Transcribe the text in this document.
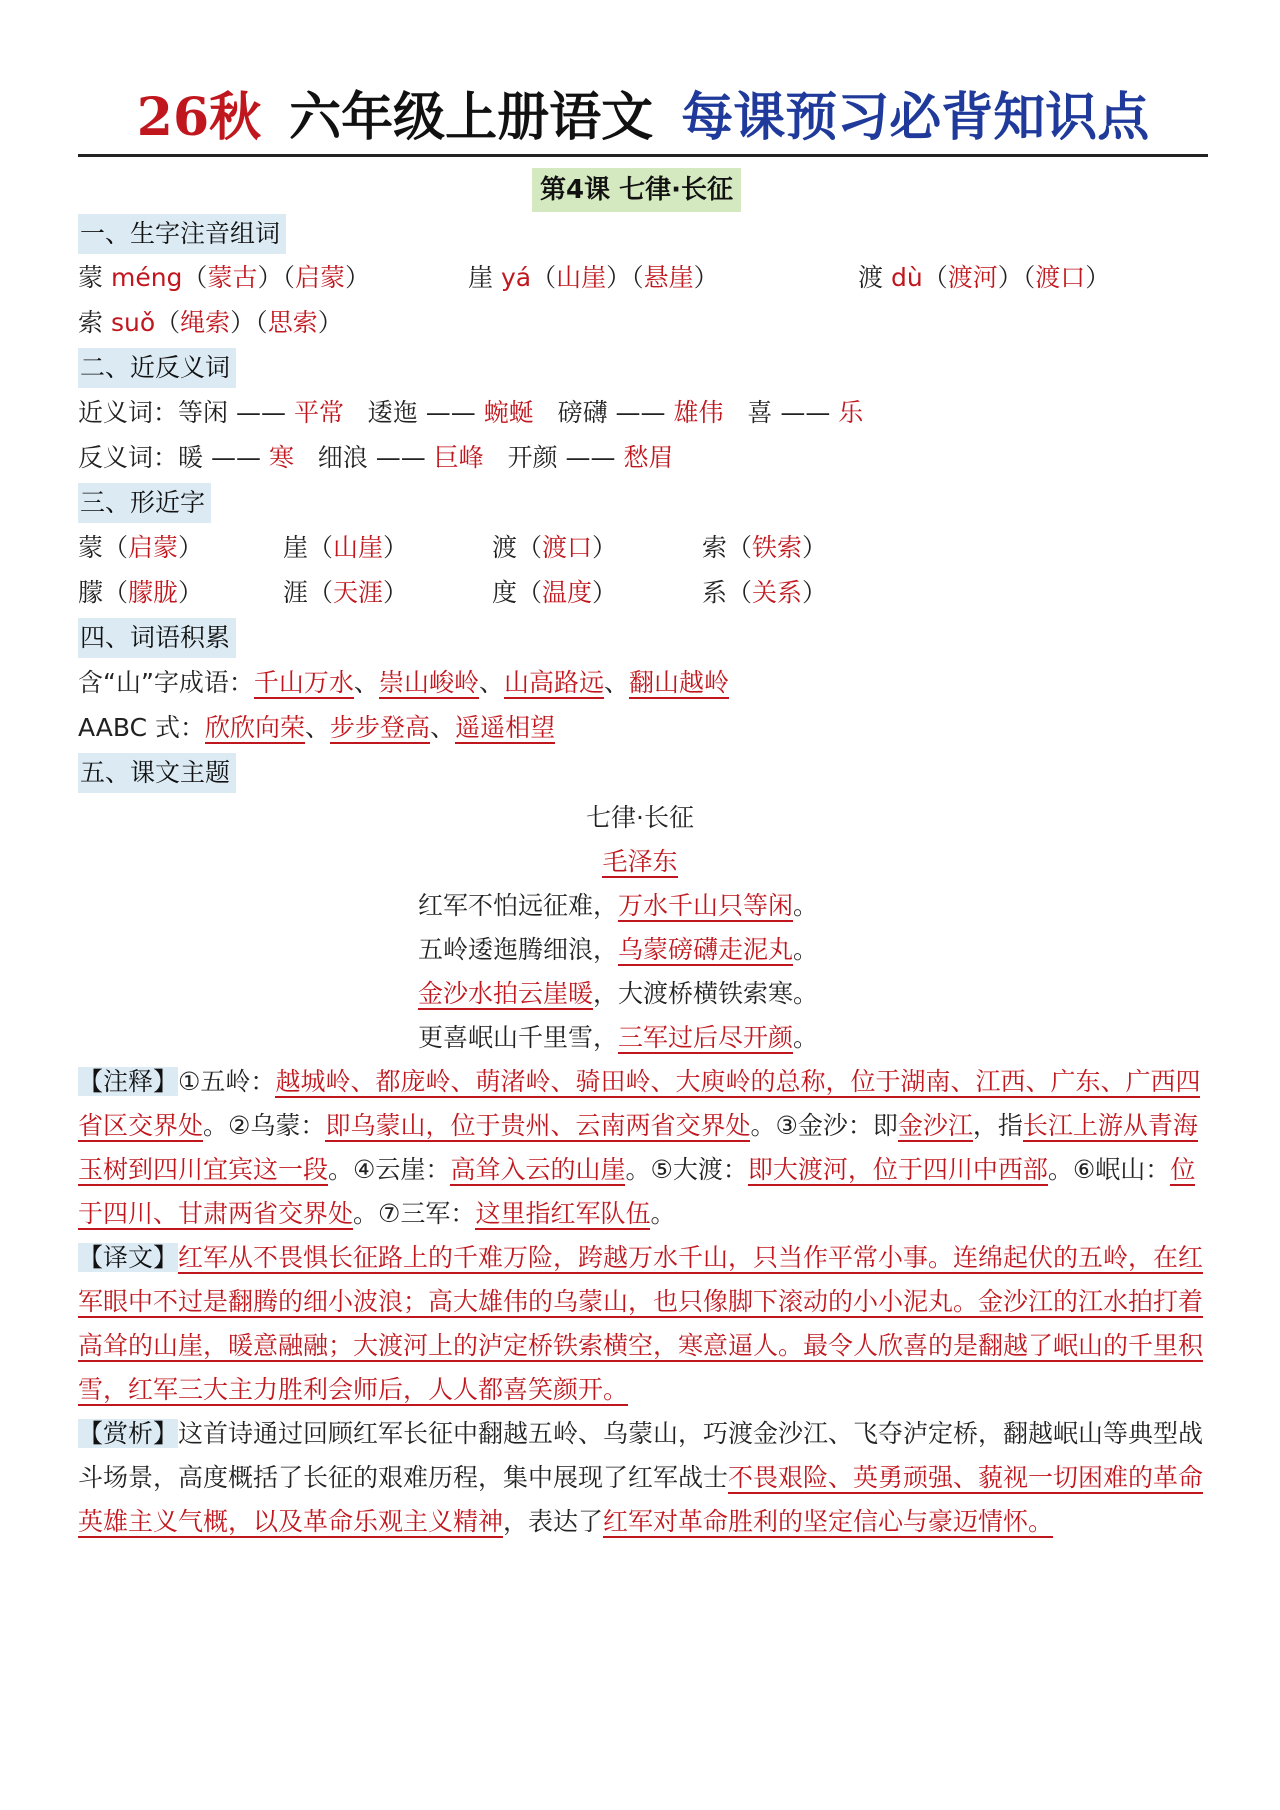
26秋 六年级上册语文 每课预习必背知识点
第4课 七律·长征
一、生字注音组词
蒙 méng（蒙古）（启蒙）	崖 yá（山崖）（悬崖）	渡 dù（渡河）（渡口）
索 suǒ（绳索）（思索）
二、近反义词
近义词：等闲 —— 平常 逶迤 —— 蜿蜒 磅礴 —— 雄伟 喜 —— 乐
反义词：暖 —— 寒 细浪 —— 巨峰 开颜 —— 愁眉
三、形近字
蒙（启蒙）	崖（山崖）	渡（渡口）	索（铁索）
朦（朦胧）	涯（天涯）	度（温度）	系（关系）
四、词语积累
含“山”字成语：千山万水、崇山峻岭、山高路远、翻山越岭
AABC 式：欣欣向荣、步步登高、遥遥相望
五、课文主题
七律·长征
毛泽东
红军不怕远征难，万水千山只等闲。
五岭逶迤腾细浪，乌蒙磅礴走泥丸。
金沙水拍云崖暖，大渡桥横铁索寒。
更喜岷山千里雪，三军过后尽开颜。
【注释】①五岭：越城岭、都庞岭、萌渚岭、骑田岭、大庾岭的总称，位于湖南、江西、广东、广西四省区交界处。②乌蒙：即乌蒙山，位于贵州、云南两省交界处。③金沙：即金沙江，指长江上游从青海玉树到四川宜宾这一段。④云崖：高耸入云的山崖。⑤大渡：即大渡河，位于四川中西部。⑥岷山：位于四川、甘肃两省交界处。⑦三军：这里指红军队伍。
【译文】红军从不畏惧长征路上的千难万险，跨越万水千山，只当作平常小事。连绵起伏的五岭，在红军眼中不过是翻腾的细小波浪；高大雄伟的乌蒙山，也只像脚下滚动的小小泥丸。金沙江的江水拍打着高耸的山崖，暖意融融；大渡河上的泸定桥铁索横空，寒意逼人。最令人欣喜的是翻越了岷山的千里积雪，红军三大主力胜利会师后，人人都喜笑颜开。
【赏析】这首诗通过回顾红军长征中翻越五岭、乌蒙山，巧渡金沙江、飞夺泸定桥，翻越岷山等典型战斗场景，高度概括了长征的艰难历程，集中展现了红军战士不畏艰险、英勇顽强、藐视一切困难的革命英雄主义气概，以及革命乐观主义精神，表达了红军对革命胜利的坚定信心与豪迈情怀。
